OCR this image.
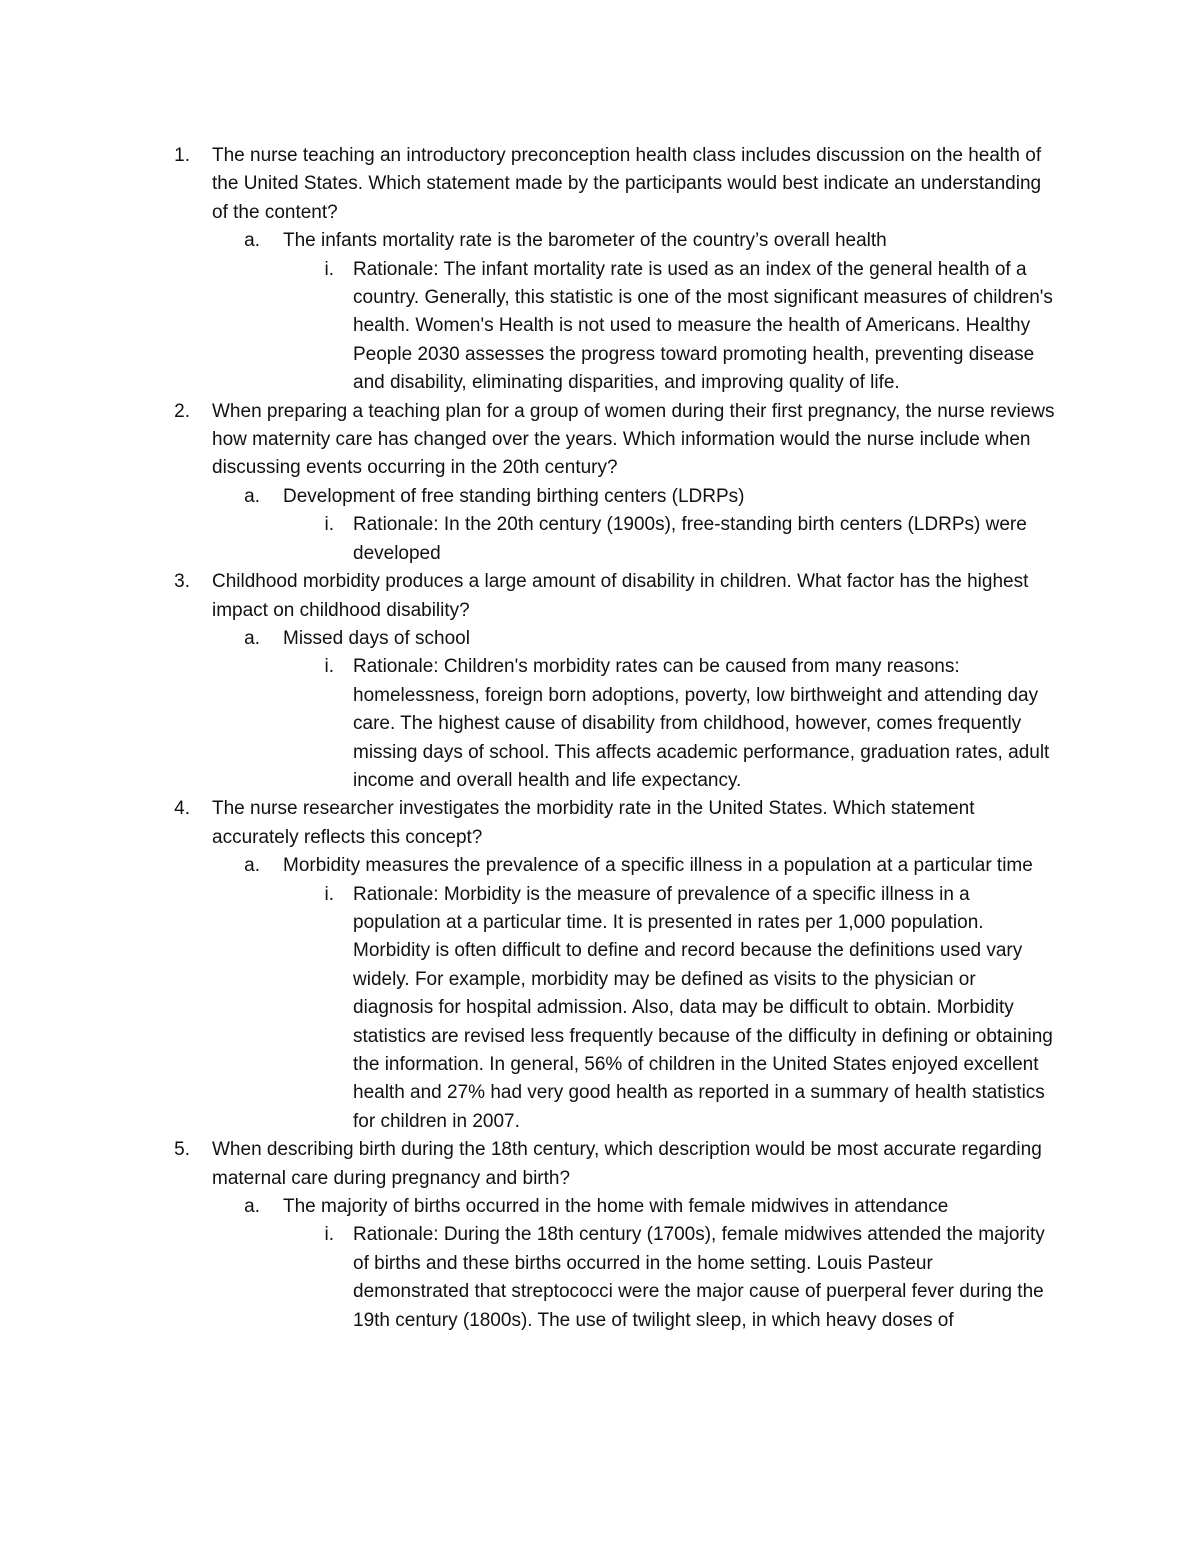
1. The nurse teaching an introductory preconception health class includes discussion on the health of the United States. Which statement made by the participants would best indicate an understanding of the content?
a. The infants mortality rate is the barometer of the country’s overall health
i. Rationale: The infant mortality rate is used as an index of the general health of a country. Generally, this statistic is one of the most significant measures of children's health. Women's Health is not used to measure the health of Americans. Healthy People 2030 assesses the progress toward promoting health, preventing disease and disability, eliminating disparities, and improving quality of life.
2. When preparing a teaching plan for a group of women during their first pregnancy, the nurse reviews how maternity care has changed over the years. Which information would the nurse include when discussing events occurring in the 20th century?
a. Development of free standing birthing centers (LDRPs)
i. Rationale: In the 20th century (1900s), free-standing birth centers (LDRPs) were developed
3. Childhood morbidity produces a large amount of disability in children. What factor has the highest impact on childhood disability?
a. Missed days of school
i. Rationale: Children's morbidity rates can be caused from many reasons: homelessness, foreign born adoptions, poverty, low birthweight and attending day care. The highest cause of disability from childhood, however, comes frequently missing days of school. This affects academic performance, graduation rates, adult income and overall health and life expectancy.
4. The nurse researcher investigates the morbidity rate in the United States. Which statement accurately reflects this concept?
a. Morbidity measures the prevalence of a specific illness in a population at a particular time
i. Rationale: Morbidity is the measure of prevalence of a specific illness in a population at a particular time. It is presented in rates per 1,000 population. Morbidity is often difficult to define and record because the definitions used vary widely. For example, morbidity may be defined as visits to the physician or diagnosis for hospital admission. Also, data may be difficult to obtain. Morbidity statistics are revised less frequently because of the difficulty in defining or obtaining the information. In general, 56% of children in the United States enjoyed excellent health and 27% had very good health as reported in a summary of health statistics for children in 2007.
5. When describing birth during the 18th century, which description would be most accurate regarding maternal care during pregnancy and birth?
a. The majority of births occurred in the home with female midwives in attendance
i. Rationale: During the 18th century (1700s), female midwives attended the majority of births and these births occurred in the home setting. Louis Pasteur demonstrated that streptococci were the major cause of puerperal fever during the 19th century (1800s). The use of twilight sleep, in which heavy doses of
